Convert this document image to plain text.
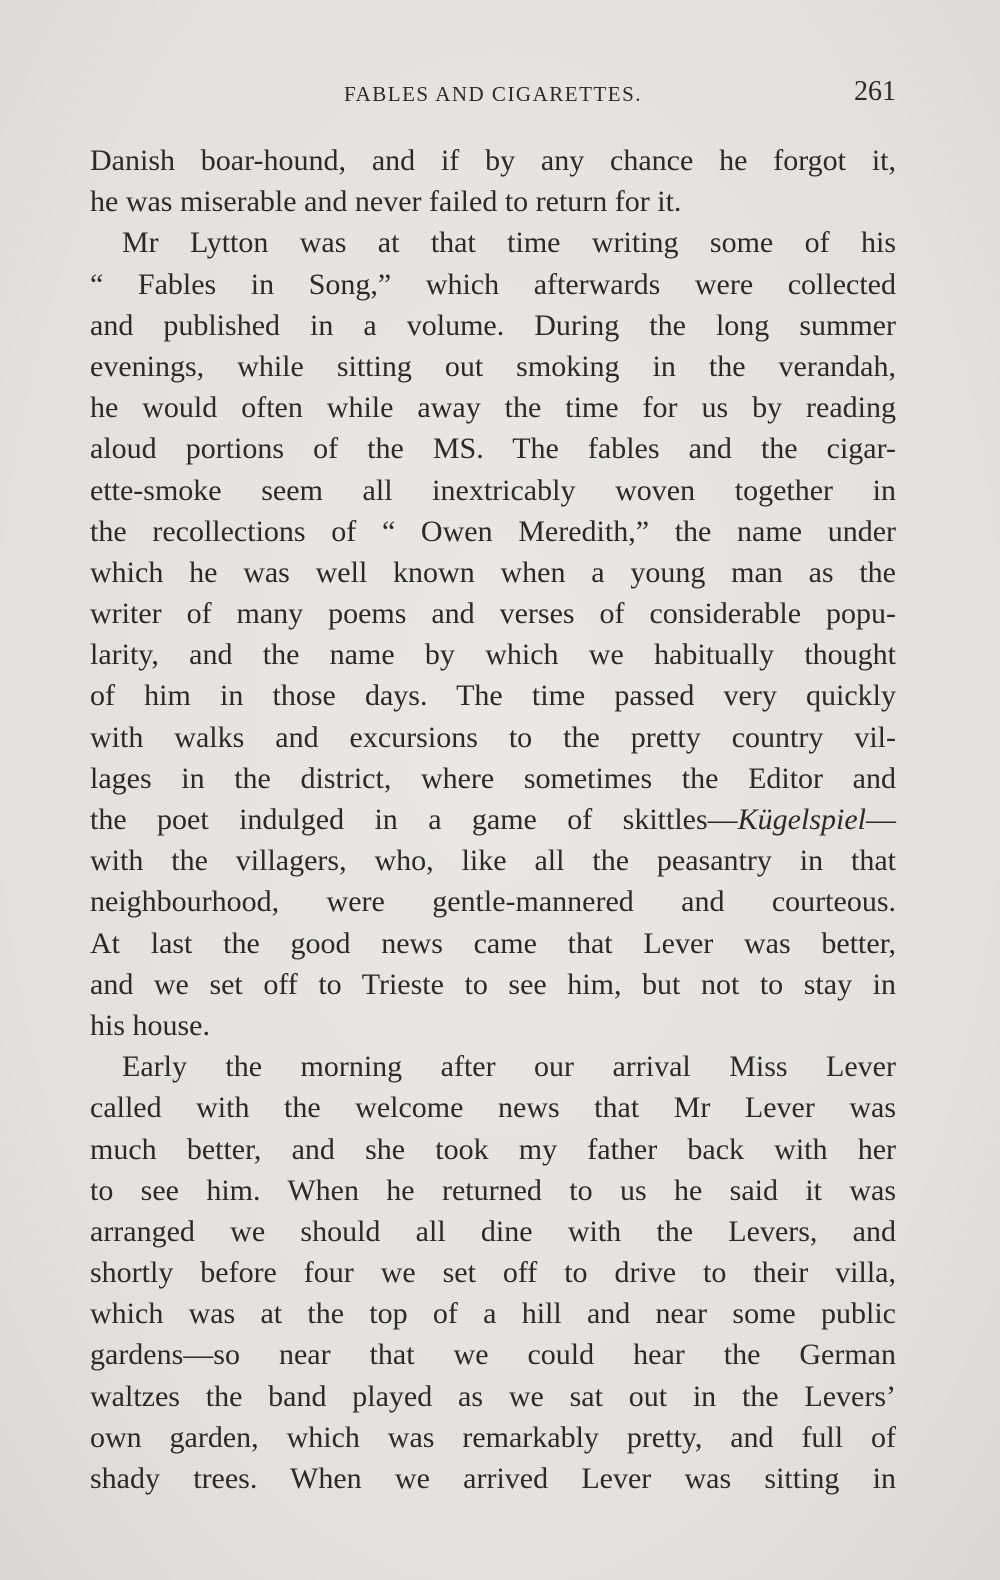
FABLES AND CIGARETTES.	261
Danish boar-hound, and if by any chance he forgot it,
he was miserable and never failed to return for it.
Mr Lytton was at that time writing some of his
“ Fables in Song,” which afterwards were collected
and published in a volume. During the long summer
evenings, while sitting out smoking in the verandah,
he would often while away the time for us by reading
aloud portions of the MS. The fables and the cigar-
ette-smoke seem all inextricably woven together in
the recollections of “ Owen Meredith,” the name under
which he was well known when a young man as the
writer of many poems and verses of considerable popu-
larity, and the name by which we habitually thought
of him in those days. The time passed very quickly
with walks and excursions to the pretty country vil-
lages in the district, where sometimes the Editor and
the poet indulged in a game of skittles—Kügelspiel—
with the villagers, who, like all the peasantry in that
neighbourhood, were gentle-mannered and courteous.
At last the good news came that Lever was better,
and we set off to Trieste to see him, but not to stay in
his house.
Early the morning after our arrival Miss Lever
called with the welcome news that Mr Lever was
much better, and she took my father back with her
to see him. When he returned to us he said it was
arranged we should all dine with the Levers, and
shortly before four we set off to drive to their villa,
which was at the top of a hill and near some public
gardens—so near that we could hear the German
waltzes the band played as we sat out in the Levers’
own garden, which was remarkably pretty, and full of
shady trees. When we arrived Lever was sitting in
